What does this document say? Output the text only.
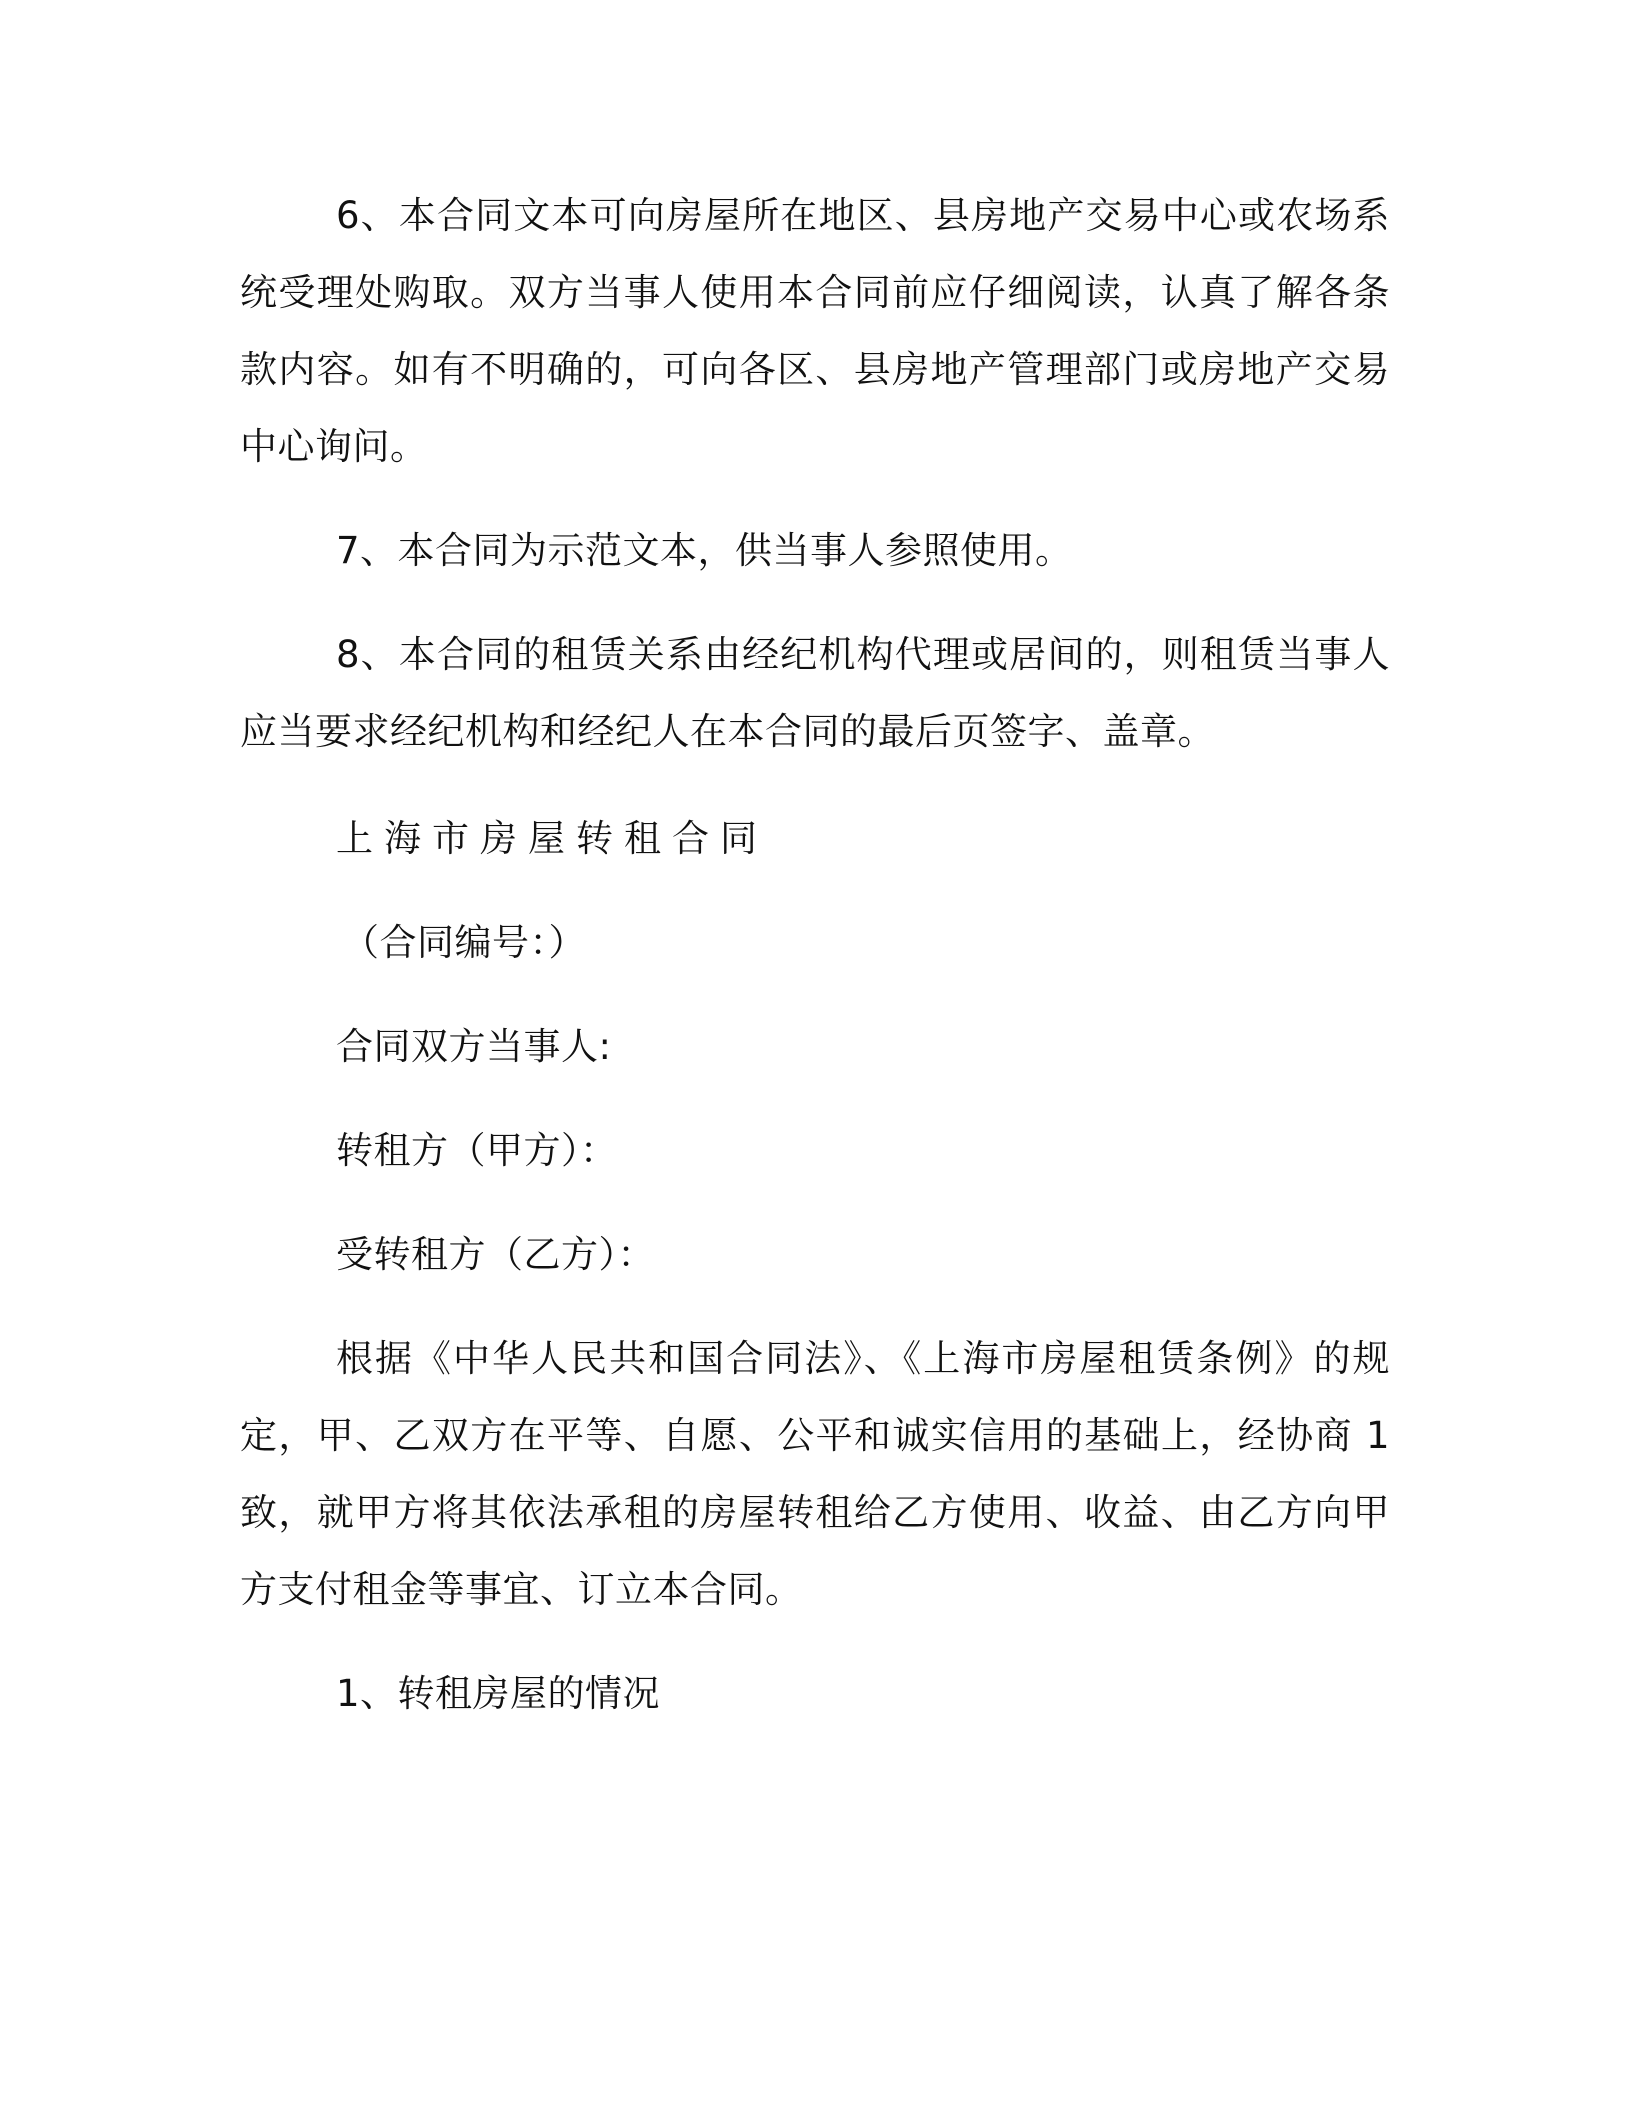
6、本合同文本可向房屋所在地区、县房地产交易中心或农场系统受理处购取。双方当事人使用本合同前应仔细阅读，认真了解各条款内容。如有不明确的，可向各区、县房地产管理部门或房地产交易中心询问。

7、本合同为示范文本，供当事人参照使用。

8、本合同的租赁关系由经纪机构代理或居间的，则租赁当事人应当要求经纪机构和经纪人在本合同的最后页签字、盖章。

上海市房屋转租合同

（合同编号：）

合同双方当事人:

转租方（甲方）：

受转租方（乙方）：

根据《中华人民共和国合同法》、《上海市房屋租赁条例》的规定，甲、乙双方在平等、自愿、公平和诚实信用的基础上，经协商 1 致，就甲方将其依法承租的房屋转租给乙方使用、收益、由乙方向甲方支付租金等事宜、订立本合同。

1、转租房屋的情况
